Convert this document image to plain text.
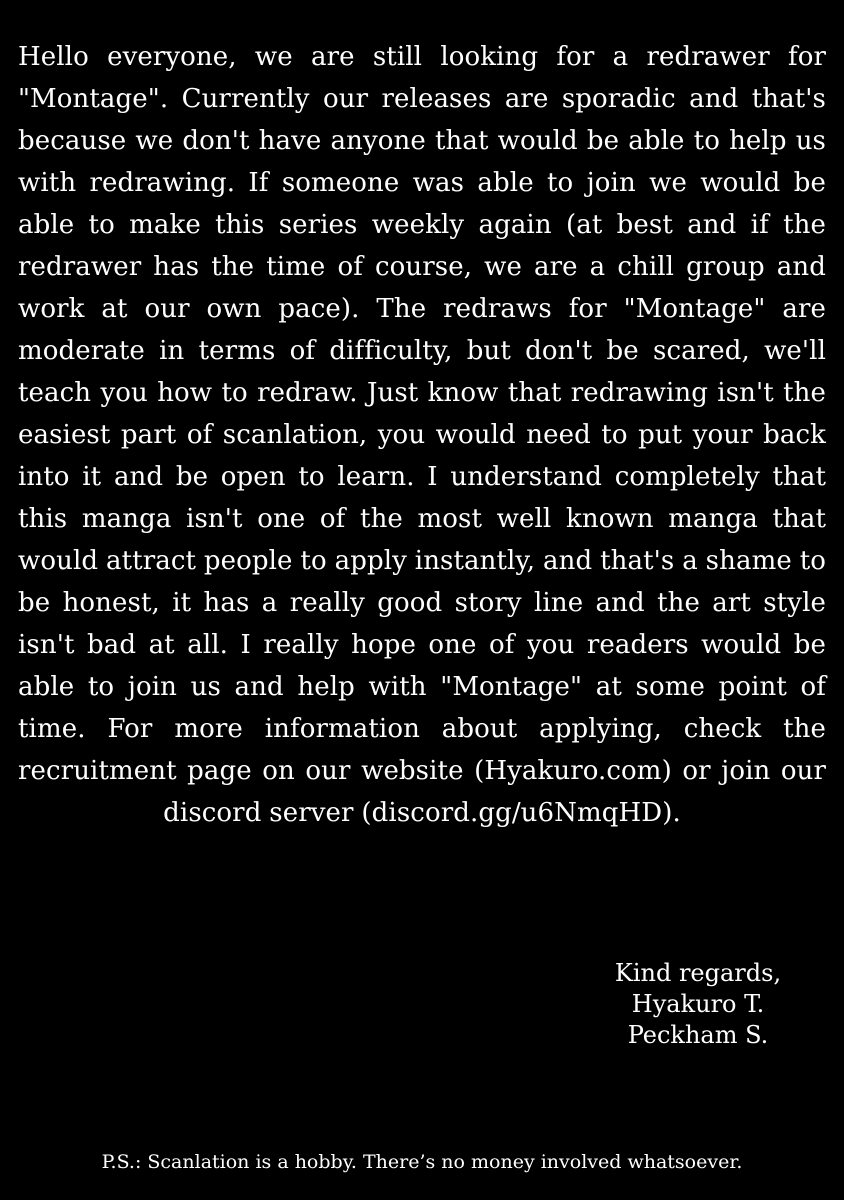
Hello everyone, we are still looking for a redrawer for "Montage". Currently our releases are sporadic and that's because we don't have anyone that would be able to help us with redrawing. If someone was able to join we would be able to make this series weekly again (at best and if the redrawer has the time of course, we are a chill group and work at our own pace). The redraws for "Montage" are moderate in terms of difficulty, but don't be scared, we'll teach you how to redraw. Just know that redrawing isn't the easiest part of scanlation, you would need to put your back into it and be open to learn. I understand completely that this manga isn't one of the most well known manga that would attract people to apply instantly, and that's a shame to be honest, it has a really good story line and the art style isn't bad at all. I really hope one of you readers would be able to join us and help with "Montage" at some point of time. For more information about applying, check the recruitment page on our website (Hyakuro.com) or join our discord server (discord.gg/u6NmqHD).

Kind regards,
Hyakuro T.
Peckham S.
P.S.: Scanlation is a hobby. There’s no money involved whatsoever.
